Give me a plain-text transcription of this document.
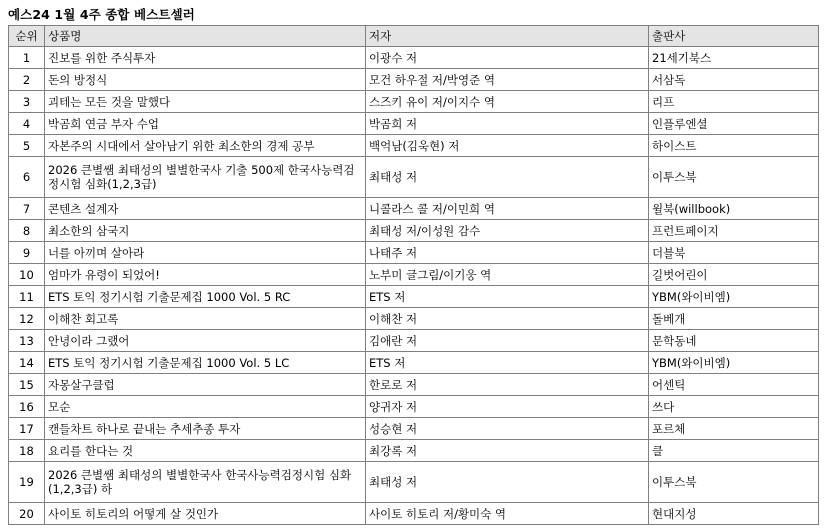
예스24 1월 4주 종합 베스트셀러
순위	상품명	저자	출판사
1	진보를 위한 주식투자	이광수 저	21세기북스
2	돈의 방정식	모건 하우절 저/박영준 역	서삼독
3	괴테는 모든 것을 말했다	스즈키 유이 저/이지수 역	리프
4	박곰희 연금 부자 수업	박곰희 저	인플루엔셜
5	자본주의 시대에서 살아남기 위한 최소한의 경제 공부	백억남(김욱현) 저	하이스트
6	2026 큰별쌤 최태성의 별별한국사 기출 500제 한국사능력검정시험 심화(1,2,3급)	최태성 저	이투스북
7	콘텐츠 설계자	니콜라스 콜 저/이민희 역	윌북(willbook)
8	최소한의 삼국지	최태성 저/이성원 감수	프런트페이지
9	너를 아끼며 살아라	나태주 저	더블북
10	엄마가 유령이 되었어!	노부미 글그림/이기웅 역	길벗어린이
11	ETS 토익 정기시험 기출문제집 1000 Vol. 5 RC	ETS 저	YBM(와이비엠)
12	이해찬 회고록	이해찬 저	돌베개
13	안녕이라 그랬어	김애란 저	문학동네
14	ETS 토익 정기시험 기출문제집 1000 Vol. 5 LC	ETS 저	YBM(와이비엠)
15	자몽살구클럽	한로로 저	어센틱
16	모순	양귀자 저	쓰다
17	캔들차트 하나로 끝내는 추세추종 투자	성승현 저	포르체
18	요리를 한다는 것	최강록 저	클
19	2026 큰별쌤 최태성의 별별한국사 한국사능력검정시험 심화(1,2,3급) 하	최태성 저	이투스북
20	사이토 히토리의 어떻게 살 것인가	사이토 히토리 저/황미숙 역	현대지성
